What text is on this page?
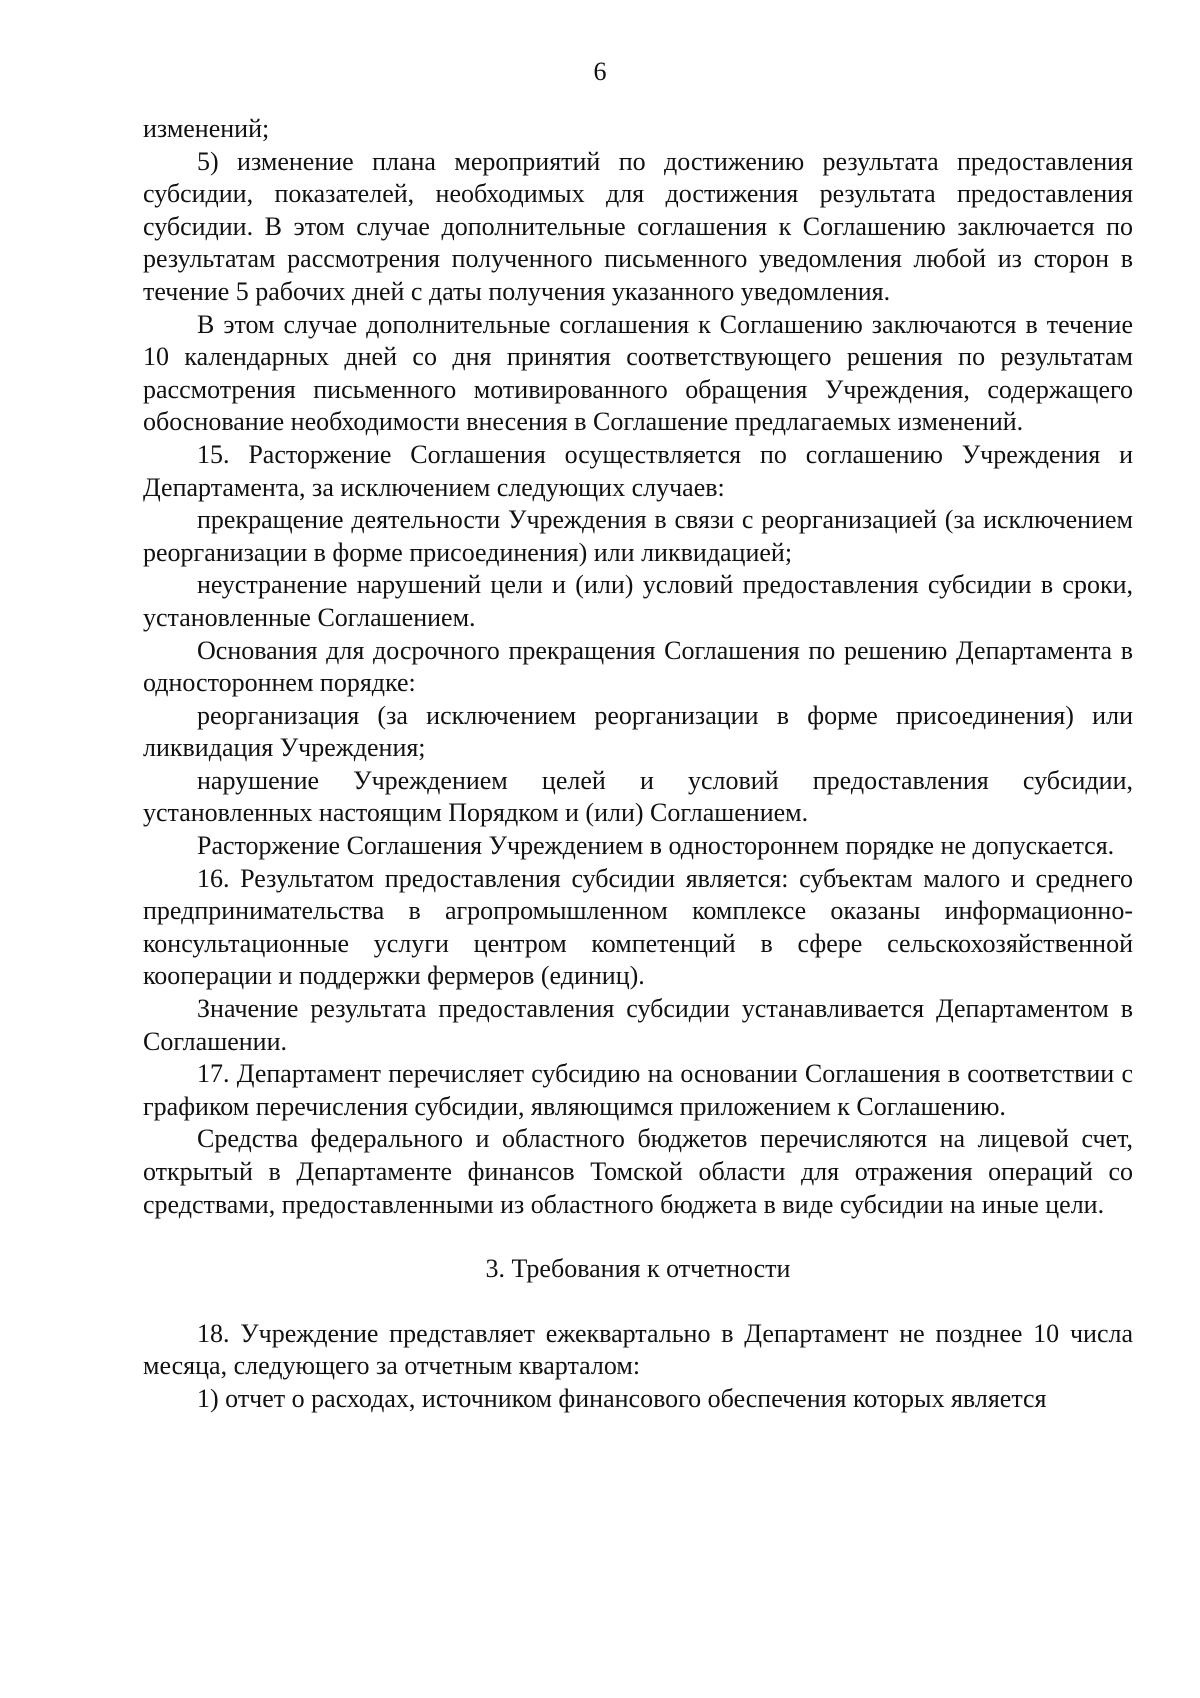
6

изменений;

5) изменение плана мероприятий по достижению результата предоставления субсидии, показателей, необходимых для достижения результата предоставления субсидии. В этом случае дополнительные соглашения к Соглашению заключается по результатам рассмотрения полученного письменного уведомления любой из сторон в течение 5 рабочих дней с даты получения указанного уведомления.

В этом случае дополнительные соглашения к Соглашению заключаются в течение 10 календарных дней со дня принятия соответствующего решения по результатам рассмотрения письменного мотивированного обращения Учреждения, содержащего обоснование необходимости внесения в Соглашение предлагаемых изменений.

15. Расторжение Соглашения осуществляется по соглашению Учреждения и Департамента, за исключением следующих случаев:

прекращение деятельности Учреждения в связи с реорганизацией (за исключением реорганизации в форме присоединения) или ликвидацией;

неустранение нарушений цели и (или) условий предоставления субсидии в сроки, установленные Соглашением.

Основания для досрочного прекращения Соглашения по решению Департамента в одностороннем порядке:

реорганизация (за исключением реорганизации в форме присоединения) или ликвидация Учреждения;

нарушение Учреждением целей и условий предоставления субсидии, установленных настоящим Порядком и (или) Соглашением.

Расторжение Соглашения Учреждением в одностороннем порядке не допускается.

16. Результатом предоставления субсидии является: субъектам малого и среднего предпринимательства в агропромышленном комплексе оказаны информационно-консультационные услуги центром компетенций в сфере сельскохозяйственной кооперации и поддержки фермеров (единиц).

Значение результата предоставления субсидии устанавливается Департаментом в Соглашении.

17. Департамент перечисляет субсидию на основании Соглашения в соответствии с графиком перечисления субсидии, являющимся приложением к Соглашению.

Средства федерального и областного бюджетов перечисляются на лицевой счет, открытый в Департаменте финансов Томской области для отражения операций со средствами, предоставленными из областного бюджета в виде субсидии на иные цели.

3. Требования к отчетности

18. Учреждение представляет ежеквартально в Департамент не позднее 10 числа месяца, следующего за отчетным кварталом:

1) отчет о расходах, источником финансового обеспечения которых является
